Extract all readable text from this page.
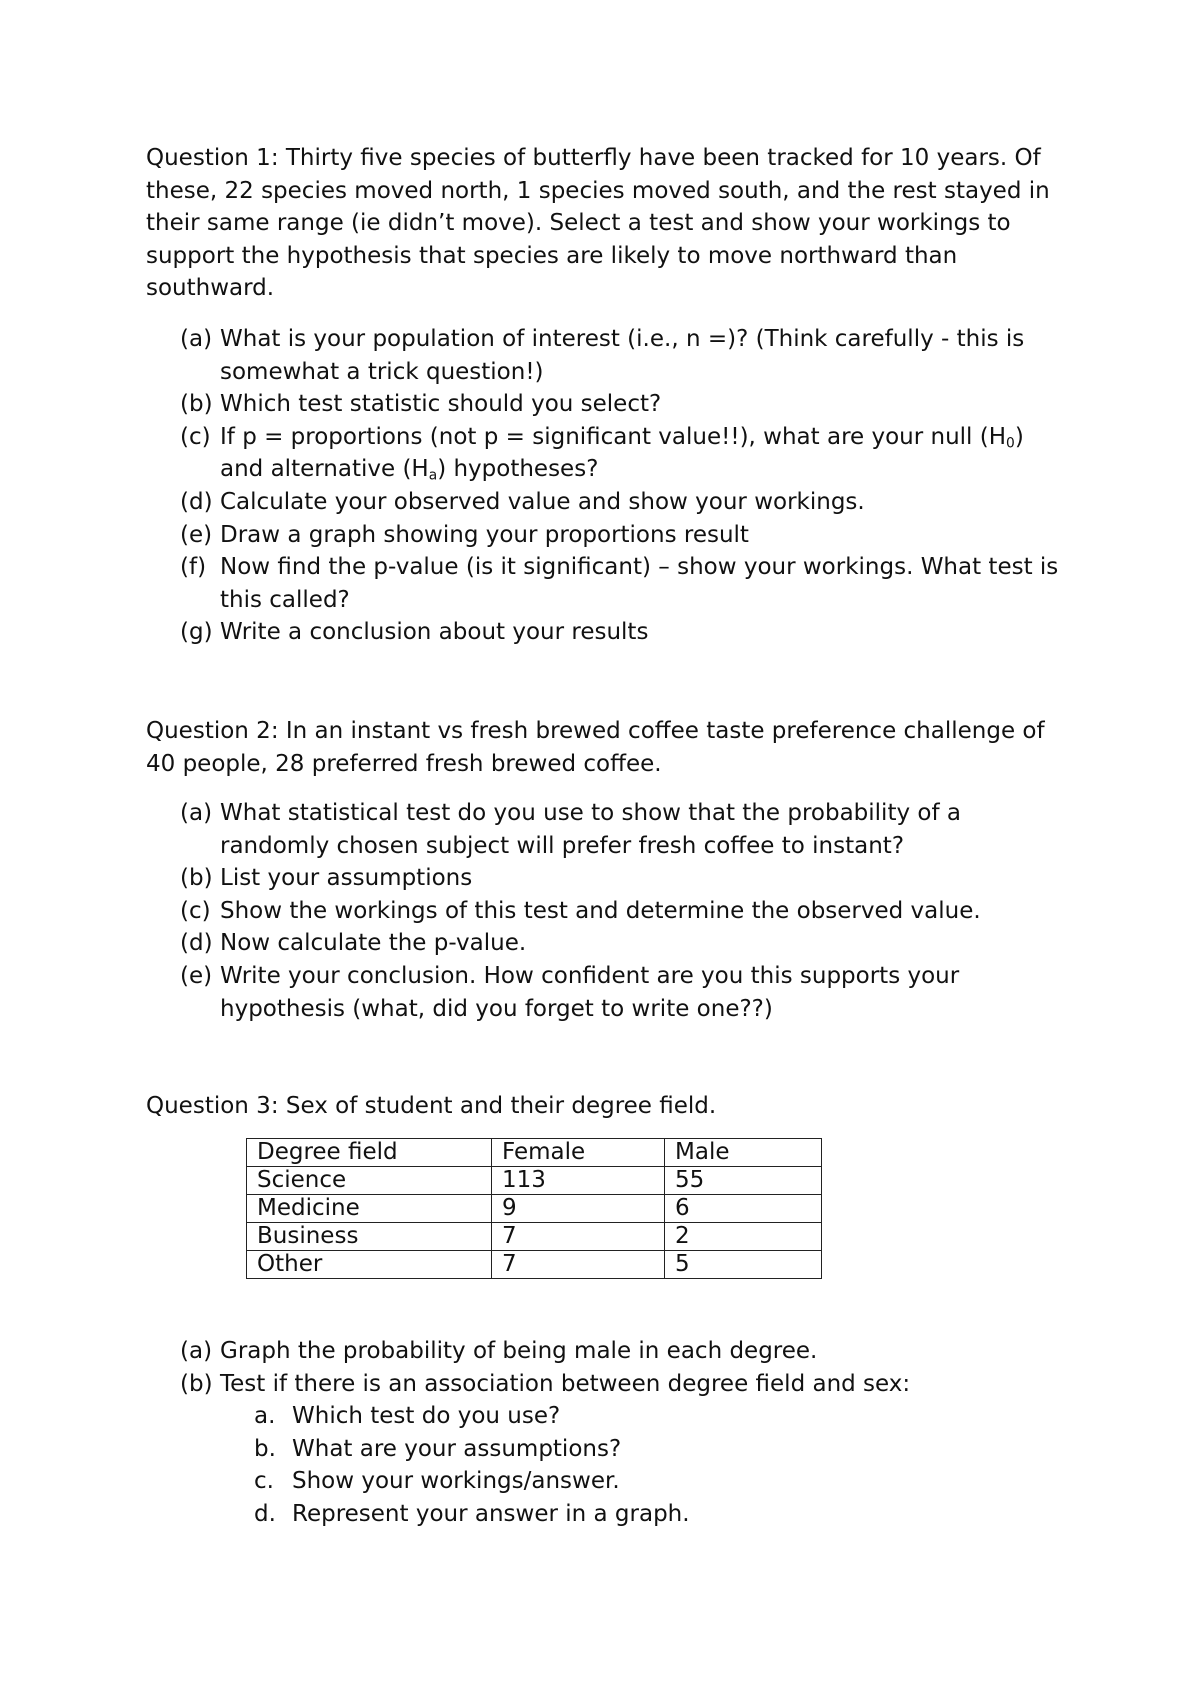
Question 1: Thirty five species of butterfly have been tracked for 10 years. Of these, 22 species moved north, 1 species moved south, and the rest stayed in their same range (ie didn’t move). Select a test and show your workings to support the hypothesis that species are likely to move northward than southward.

(a) What is your population of interest (i.e., n =)? (Think carefully - this is somewhat a trick question!)
(b) Which test statistic should you select?
(c) If p = proportions (not p = significant value!!), what are your null $(H_0)$ and alternative $(H_a)$ hypotheses?
(d) Calculate your observed value and show your workings.
(e) Draw a graph showing your proportions result
(f) Now find the p-value (is it significant) – show your workings. What test is this called?
(g) Write a conclusion about your results

Question 2: In an instant vs fresh brewed coffee taste preference challenge of 40 people, 28 preferred fresh brewed coffee.

(a) What statistical test do you use to show that the probability of a randomly chosen subject will prefer fresh coffee to instant?
(b) List your assumptions
(c) Show the workings of this test and determine the observed value.
(d) Now calculate the p-value.
(e) Write your conclusion. How confident are you this supports your hypothesis (what, did you forget to write one??)

Question 3: Sex of student and their degree field.

Degree field	Female	Male
Science	113	55
Medicine	9	6
Business	7	2
Other	7	5
(a) Graph the probability of being male in each degree.
(b) Test if there is an association between degree field and sex:
a. Which test do you use?
b. What are your assumptions?
c. Show your workings/answer.
d. Represent your answer in a graph.
